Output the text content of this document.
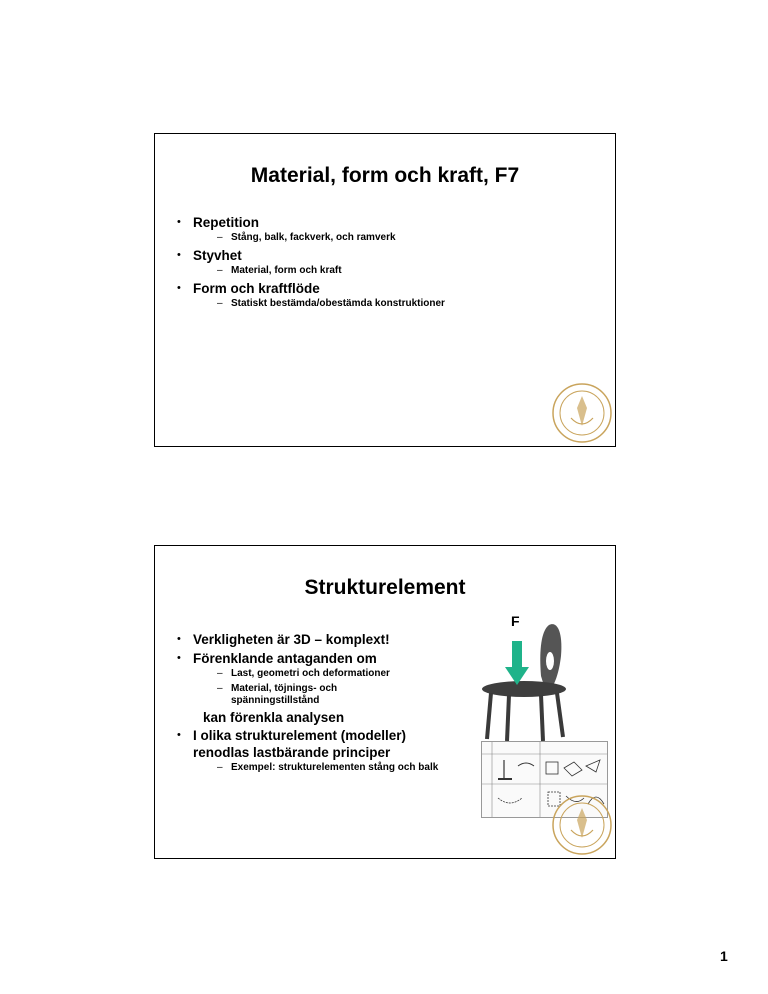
Material, form och kraft, F7
• Repetition
– Stång, balk, fackverk, och ramverk
• Styvhet
– Material, form och kraft
• Form och kraftflöde
– Statiskt bestämda/obestämda konstruktioner
Strukturelement
• Verkligheten är 3D – komplext!
• Förenklande antaganden om
– Last, geometri och deformationer
– Material, töjnings- och spänningstillstånd
kan förenkla analysen
• I olika strukturelement (modeller) renodlas lastbärande principer
– Exempel: strukturelementen stång och balk
F
1
